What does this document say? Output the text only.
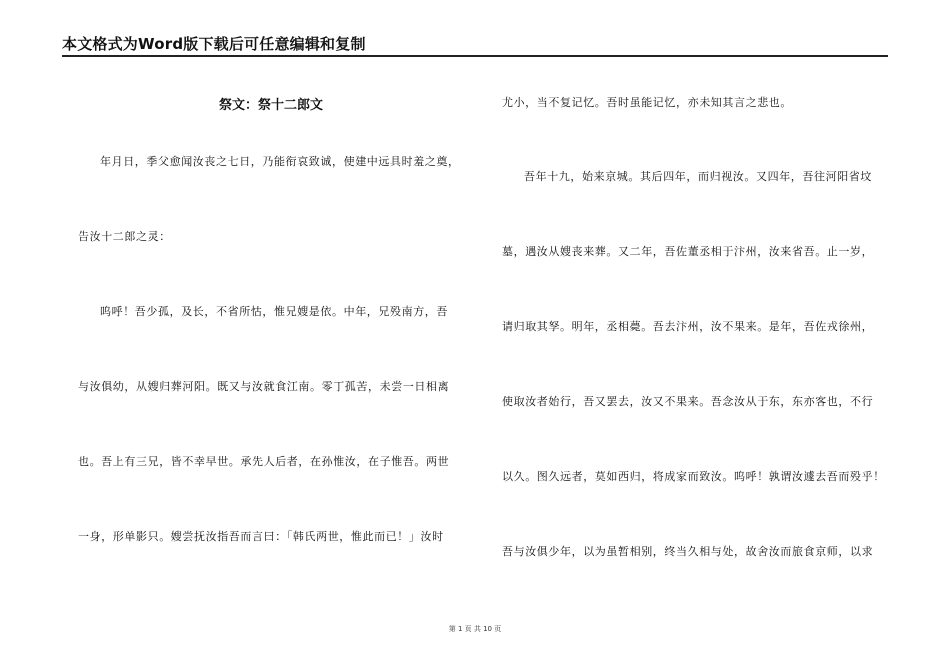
本文格式为Word版下载后可任意编辑和复制
祭文：祭十二郎文
年月日，季父愈闻汝丧之七日，乃能衔哀致诚，使建中远具时羞之奠，
告汝十二郎之灵：
呜呼！吾少孤，及长，不省所怙，惟兄嫂是依。中年，兄殁南方，吾
与汝俱幼，从嫂归葬河阳。既又与汝就食江南。零丁孤苦，未尝一日相离
也。吾上有三兄，皆不幸早世。承先人后者，在孙惟汝，在子惟吾。两世
一身，形单影只。嫂尝抚汝指吾而言曰：「韩氏两世，惟此而已！」汝时
尤小，当不复记忆。吾时虽能记忆，亦未知其言之悲也。
吾年十九，始来京城。其后四年，而归视汝。又四年，吾往河阳省坟
墓，遇汝从嫂丧来葬。又二年，吾佐董丞相于汴州，汝来省吾。止一岁，
请归取其孥。明年，丞相薨。吾去汴州，汝不果来。是年，吾佐戎徐州，
使取汝者始行，吾又罢去，汝又不果来。吾念汝从于东，东亦客也，不行
以久。图久远者，莫如西归，将成家而致汝。呜呼！孰谓汝遽去吾而殁乎！
吾与汝俱少年，以为虽暂相别，终当久相与处，故舍汝而旅食京师，以求
第 1 页 共 10 页
